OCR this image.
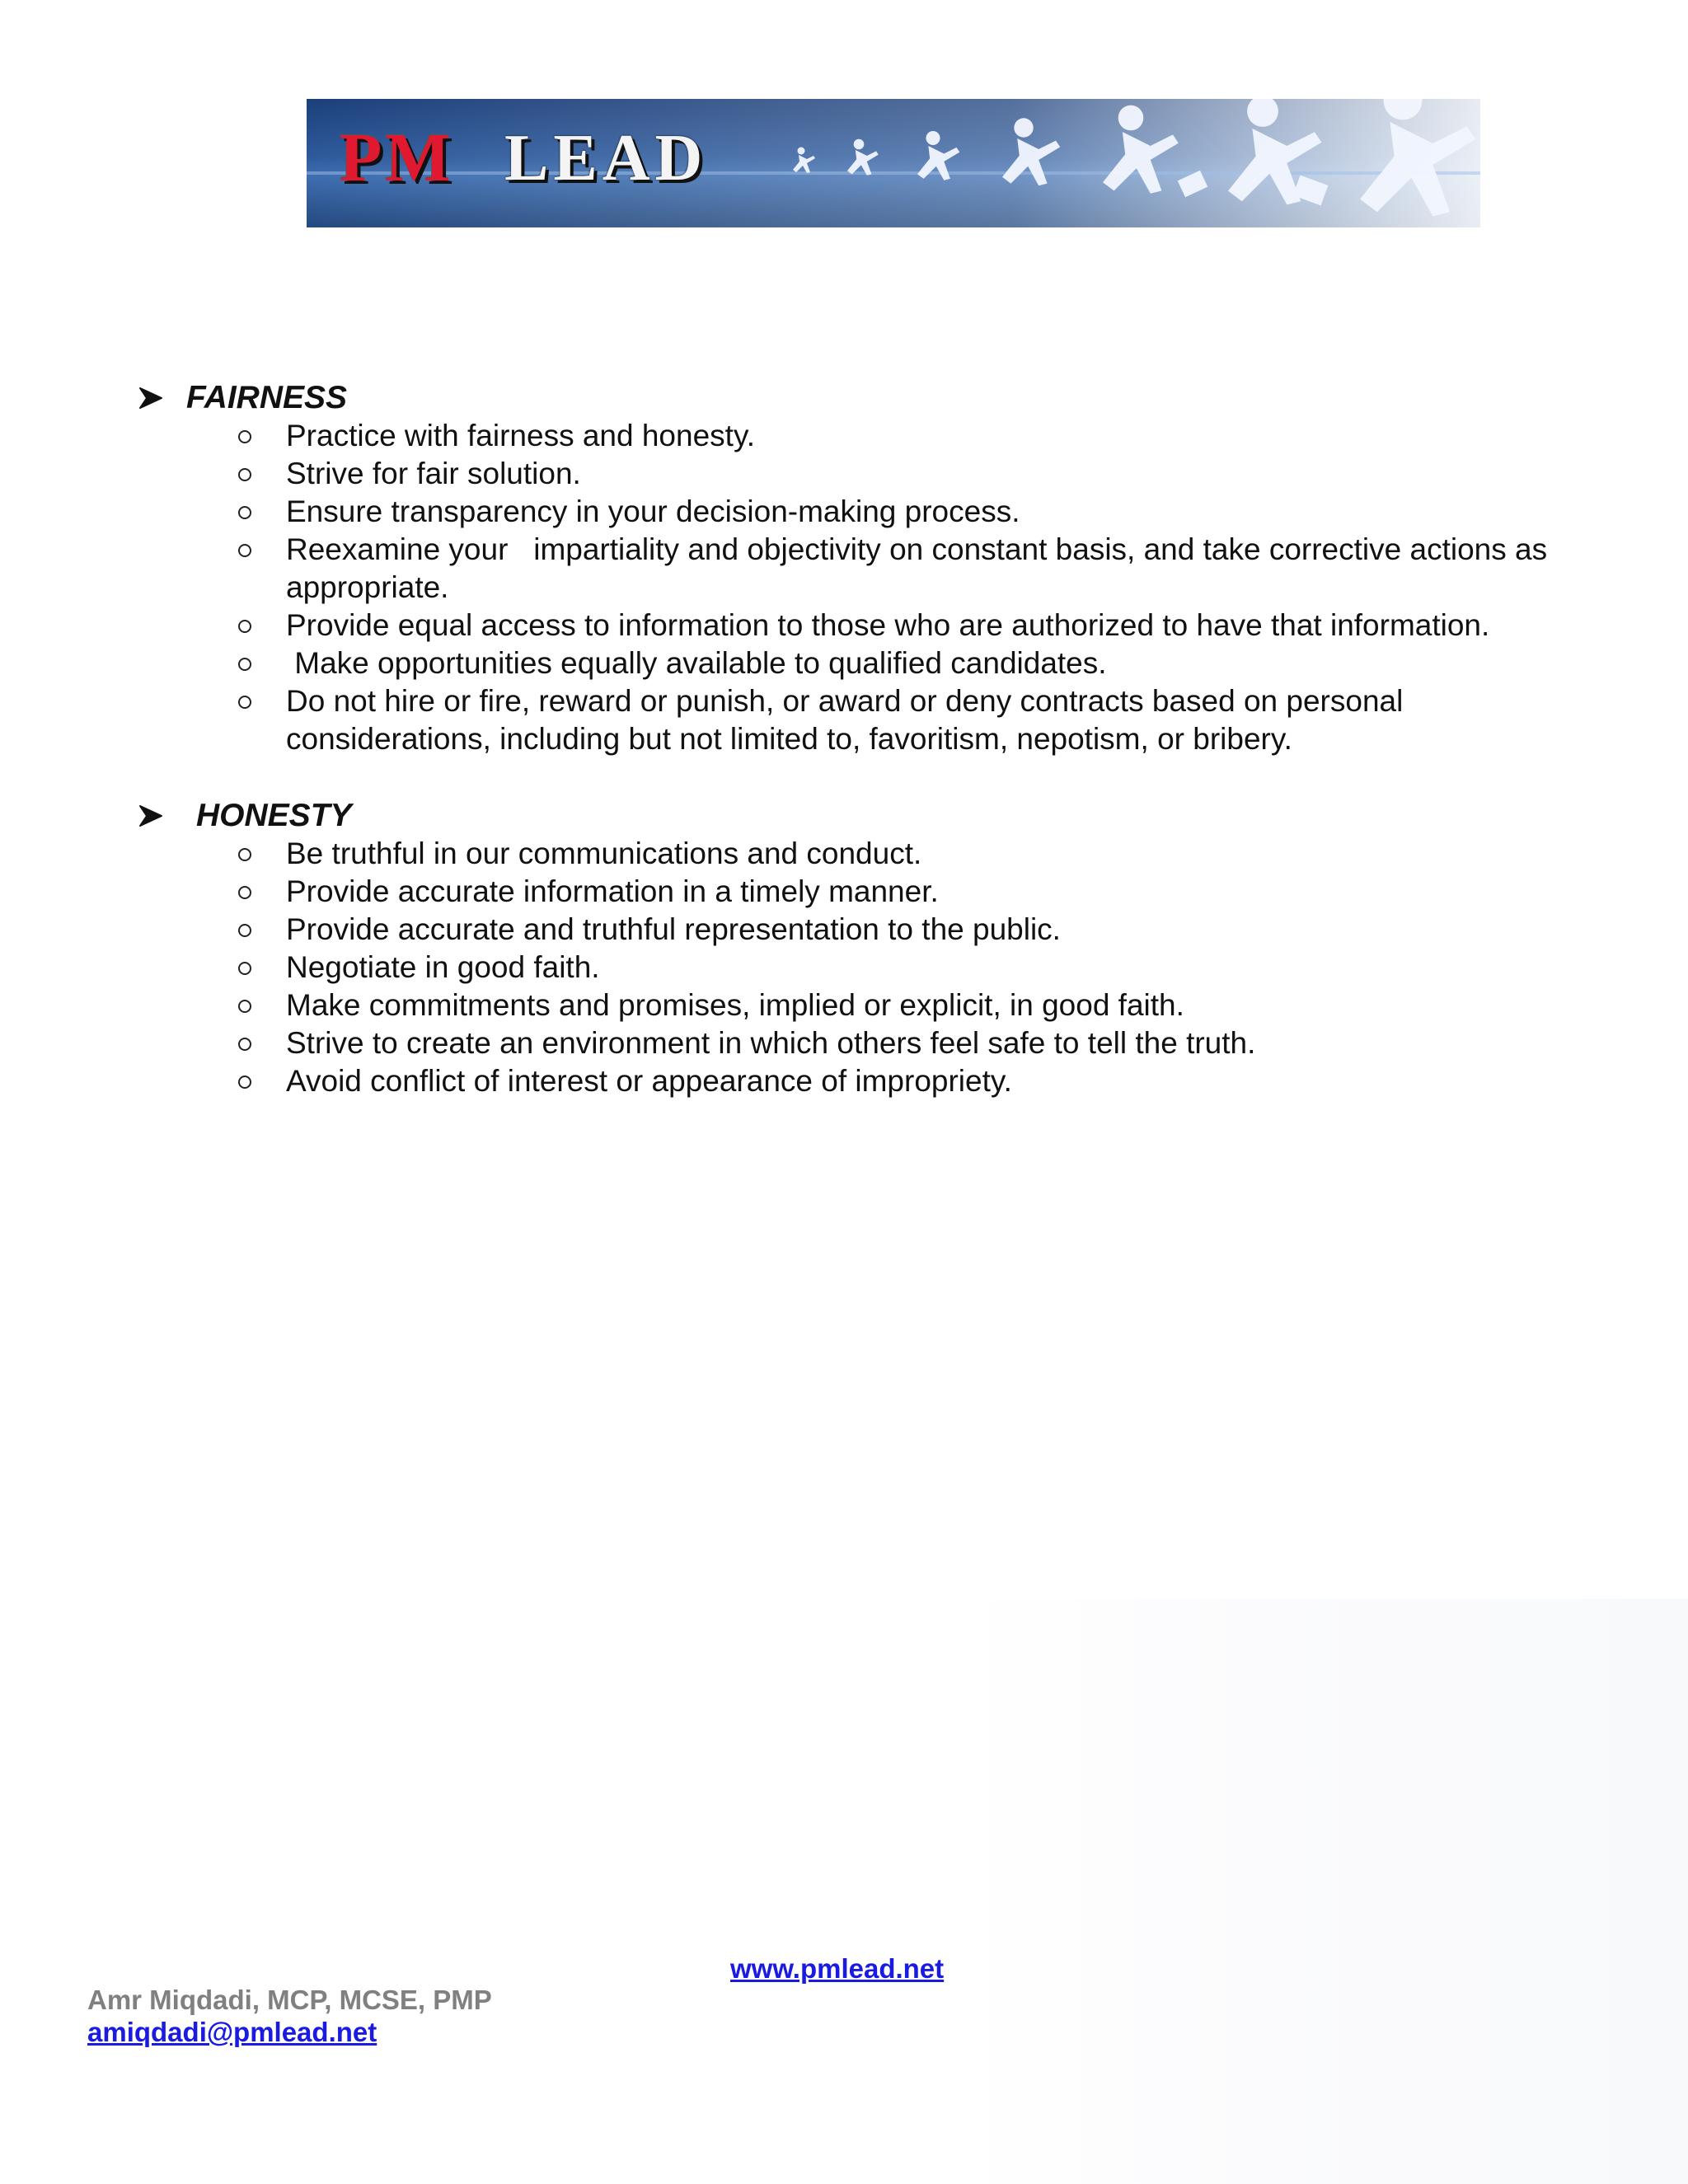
PM LEAD
FAIRNESS
Practice with fairness and honesty.
Strive for fair solution.
Ensure transparency in your decision-making process.
Reexamine your   impartiality and objectivity on constant basis, and take corrective actions as appropriate.
Provide equal access to information to those who are authorized to have that information.
Make opportunities equally available to qualified candidates.
Do not hire or fire, reward or punish, or award or deny contracts based on personal considerations, including but not limited to, favoritism, nepotism, or bribery.
HONESTY
Be truthful in our communications and conduct.
Provide accurate information in a timely manner.
Provide accurate and truthful representation to the public.
Negotiate in good faith.
Make commitments and promises, implied or explicit, in good faith.
Strive to create an environment in which others feel safe to tell the truth.
Avoid conflict of interest or appearance of impropriety.
www.pmlead.net
Amr Miqdadi, MCP, MCSE, PMP
amiqdadi@pmlead.net
